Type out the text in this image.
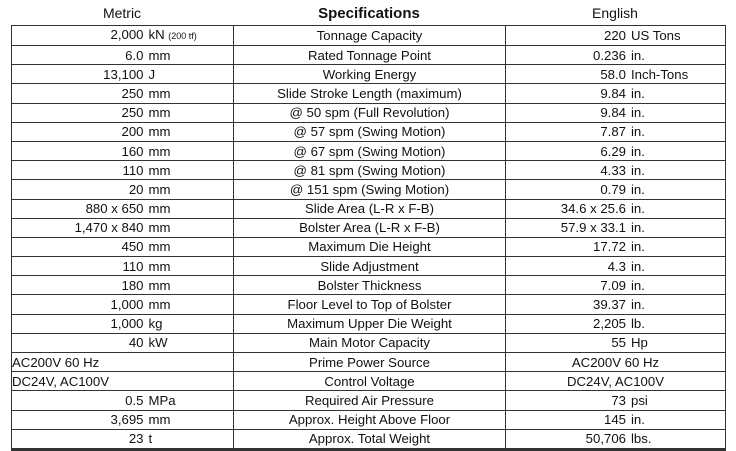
Metric	Specifications	English
2,000 kN (200 tf)	Tonnage Capacity	220 US Tons

6.0 mm	Rated Tonnage Point	0.236 in.

13,100 J	Working Energy	58.0 Inch-Tons

250 mm	Slide Stroke Length (maximum)	9.84 in.

250 mm	@ 50 spm (Full Revolution)	9.84 in.

200 mm	@ 57 spm (Swing Motion)	7.87 in.

160 mm	@ 67 spm (Swing Motion)	6.29 in.

110 mm	@ 81 spm (Swing Motion)	4.33 in.

20 mm	@ 151 spm (Swing Motion)	0.79 in.

880 x 650 mm	Slide Area (L-R x F-B)	34.6 x 25.6 in.

1,470 x 840 mm	Bolster Area (L-R x F-B)	57.9 x 33.1 in.

450 mm	Maximum Die Height	17.72 in.

110 mm	Slide Adjustment	4.3 in.

180 mm	Bolster Thickness	7.09 in.

1,000 mm	Floor Level to Top of Bolster	39.37 in.

1,000 kg	Maximum Upper Die Weight	2,205 lb.

40 kW	Main Motor Capacity	55 Hp

AC200V 60 Hz	Prime Power Source	AC200V 60 Hz
DC24V, AC100V	Control Voltage	DC24V, AC100V

0.5 MPa	Required Air Pressure	73 psi

3,695 mm	Approx. Height Above Floor	145 in.

23 t	Approx. Total Weight	50,706 lbs.
